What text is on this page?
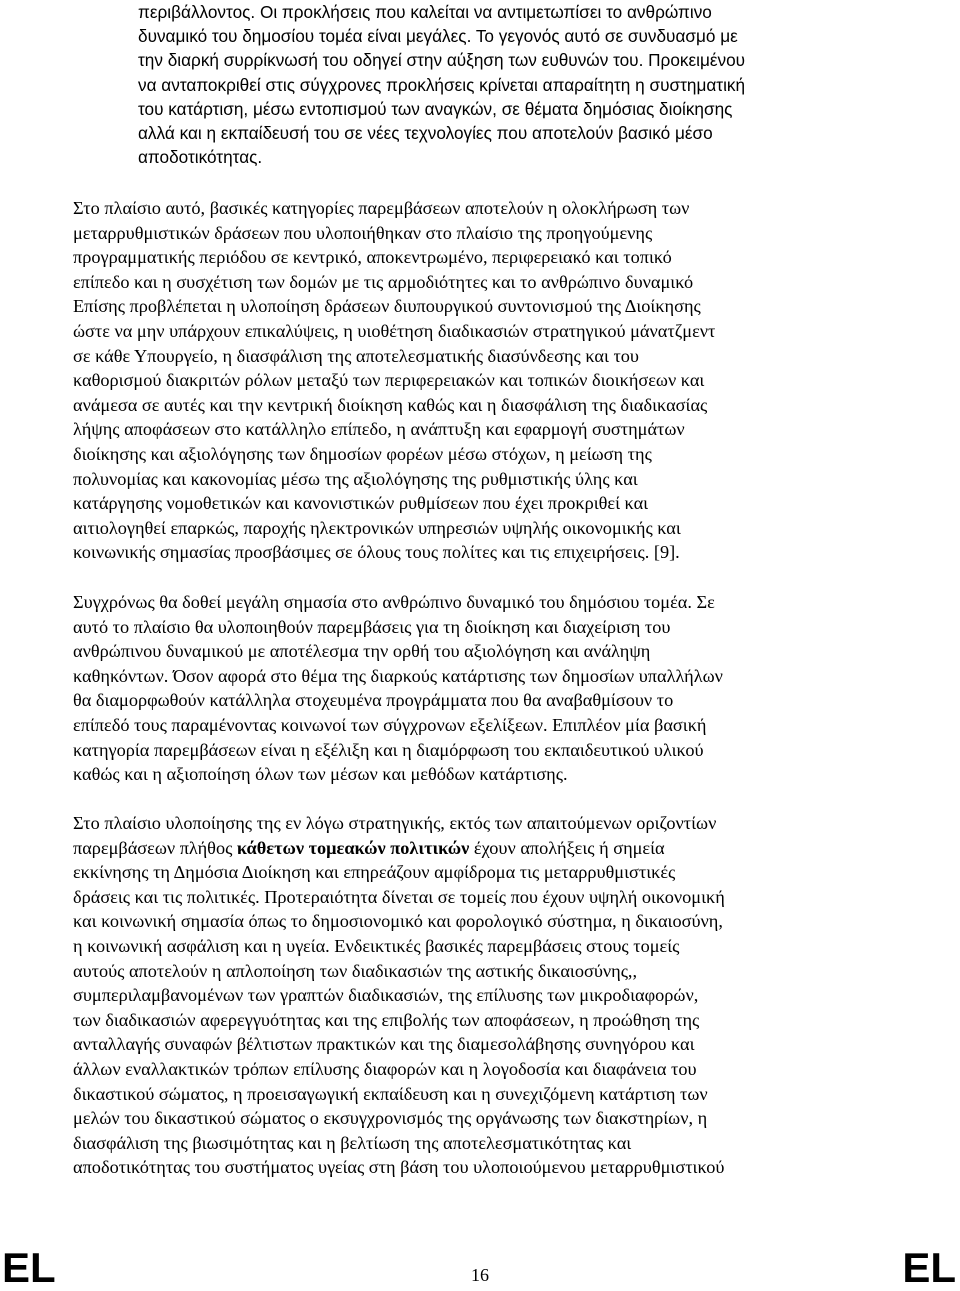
περιβάλλοντος. Οι προκλήσεις που καλείται να αντιμετωπίσει το ανθρώπινο
δυναμικό του δημοσίου τομέα είναι μεγάλες. Το γεγονός αυτό σε συνδυασμό με
την διαρκή συρρίκνωσή του οδηγεί στην αύξηση των ευθυνών του. Προκειμένου
να ανταποκριθεί στις σύγχρονες προκλήσεις κρίνεται απαραίτητη η συστηματική
του κατάρτιση, μέσω εντοπισμού των αναγκών, σε θέματα δημόσιας διοίκησης
αλλά και η εκπαίδευσή του σε νέες τεχνολογίες που αποτελούν βασικό μέσο
αποδοτικότητας.
Στο πλαίσιο αυτό, βασικές κατηγορίες παρεμβάσεων αποτελούν η ολοκλήρωση των
μεταρρυθμιστικών δράσεων που υλοποιήθηκαν στο πλαίσιο της προηγούμενης
προγραμματικής περιόδου σε κεντρικό, αποκεντρωμένο, περιφερειακό και τοπικό
επίπεδο και η συσχέτιση των δομών με τις αρμοδιότητες και το ανθρώπινο δυναμικό
Επίσης προβλέπεται η υλοποίηση δράσεων διυπουργικού συντονισμού της Διοίκησης
ώστε να μην υπάρχουν επικαλύψεις, η υιοθέτηση διαδικασιών στρατηγικού μάνατζμεντ
σε κάθε Υπουργείο, η διασφάλιση της αποτελεσματικής διασύνδεσης και του
καθορισμού διακριτών ρόλων μεταξύ των περιφερειακών και τοπικών διοικήσεων και
ανάμεσα σε αυτές και την κεντρική διοίκηση καθώς και η διασφάλιση της διαδικασίας
λήψης αποφάσεων στο κατάλληλο επίπεδο, η ανάπτυξη και εφαρμογή συστημάτων
διοίκησης και αξιολόγησης των δημοσίων φορέων μέσω στόχων, η μείωση της
πολυνομίας και κακονομίας μέσω της αξιολόγησης της ρυθμιστικής ύλης και
κατάργησης νομοθετικών και κανονιστικών ρυθμίσεων που έχει προκριθεί και
αιτιολογηθεί επαρκώς, παροχής ηλεκτρονικών υπηρεσιών υψηλής οικονομικής και
κοινωνικής σημασίας προσβάσιμες σε όλους τους πολίτες και τις επιχειρήσεις. [9].
Συγχρόνως θα δοθεί μεγάλη σημασία στο ανθρώπινο δυναμικό του δημόσιου τομέα. Σε
αυτό το πλαίσιο θα υλοποιηθούν παρεμβάσεις για τη διοίκηση και διαχείριση του
ανθρώπινου δυναμικού με αποτέλεσμα την ορθή του αξιολόγηση και ανάληψη
καθηκόντων. Όσον αφορά στο θέμα της διαρκούς κατάρτισης των δημοσίων υπαλλήλων
θα διαμορφωθούν κατάλληλα στοχευμένα προγράμματα που θα αναβαθμίσουν το
επίπεδό τους παραμένοντας κοινωνοί των σύγχρονων εξελίξεων. Επιπλέον μία βασική
κατηγορία παρεμβάσεων είναι η εξέλιξη και η διαμόρφωση του εκπαιδευτικού υλικού
καθώς και η αξιοποίηση όλων των μέσων και μεθόδων κατάρτισης.
Στο πλαίσιο υλοποίησης της εν λόγω στρατηγικής, εκτός των απαιτούμενων οριζοντίων
παρεμβάσεων πλήθος κάθετων τομεακών πολιτικών έχουν απολήξεις ή σημεία
εκκίνησης τη Δημόσια Διοίκηση και επηρεάζουν αμφίδρομα τις μεταρρυθμιστικές
δράσεις και τις πολιτικές. Προτεραιότητα δίνεται σε τομείς που έχουν υψηλή οικονομική
και κοινωνική σημασία όπως το δημοσιονομικό και φορολογικό σύστημα, η δικαιοσύνη,
η κοινωνική ασφάλιση και η υγεία. Ενδεικτικές βασικές παρεμβάσεις στους τομείς
αυτούς αποτελούν η απλοποίηση των διαδικασιών της αστικής δικαιοσύνης,,
συμπεριλαμβανομένων των γραπτών διαδικασιών, της επίλυσης των μικροδιαφορών,
των διαδικασιών αφερεγγυότητας και της επιβολής των αποφάσεων, η προώθηση της
ανταλλαγής συναφών βέλτιστων πρακτικών και της διαμεσολάβησης συνηγόρου και
άλλων εναλλακτικών τρόπων επίλυσης διαφορών και η λογοδοσία και διαφάνεια του
δικαστικού σώματος, η προεισαγωγική εκπαίδευση και η συνεχιζόμενη κατάρτιση των
μελών του δικαστικού σώματος ο εκσυγχρονισμός της οργάνωσης των διακστηρίων, η
διασφάλιση της βιωσιμότητας και η βελτίωση της αποτελεσματικότητας και
αποδοτικότητας του συστήματος υγείας στη βάση του υλοποιούμενου μεταρρυθμιστικού
EL	16	EL
